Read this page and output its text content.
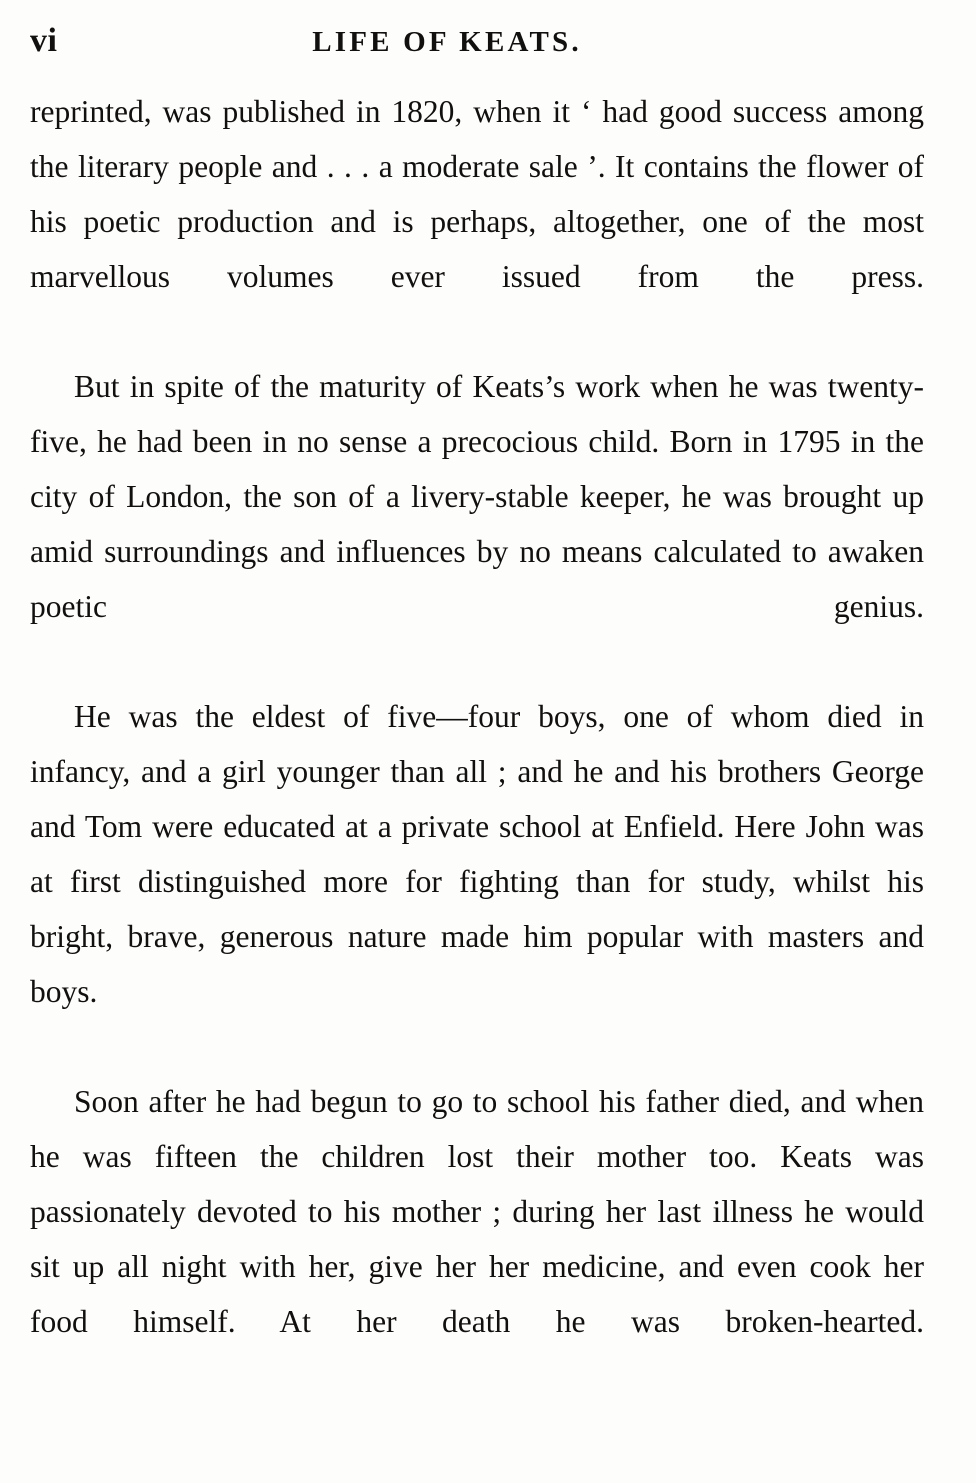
vi	LIFE OF KEATS.

reprinted, was published in 1820, when it ‘ had good success among the literary people and . . . a moderate sale ’. It contains the flower of his poetic production and is perhaps, altogether, one of the most marvellous volumes ever issued from the press.

But in spite of the maturity of Keats’s work when he was twenty-five, he had been in no sense a precocious child. Born in 1795 in the city of London, the son of a livery-stable keeper, he was brought up amid surroundings and influences by no means calculated to awaken poetic genius.

He was the eldest of five—four boys, one of whom died in infancy, and a girl younger than all ; and he and his brothers George and Tom were educated at a private school at Enfield. Here John was at first distinguished more for fighting than for study, whilst his bright, brave, generous nature made him popular with masters and boys.

Soon after he had begun to go to school his father died, and when he was fifteen the children lost their mother too. Keats was passionately devoted to his mother ; during her last illness he would sit up all night with her, give her her medicine, and even cook her food himself. At her death he was broken-hearted.
